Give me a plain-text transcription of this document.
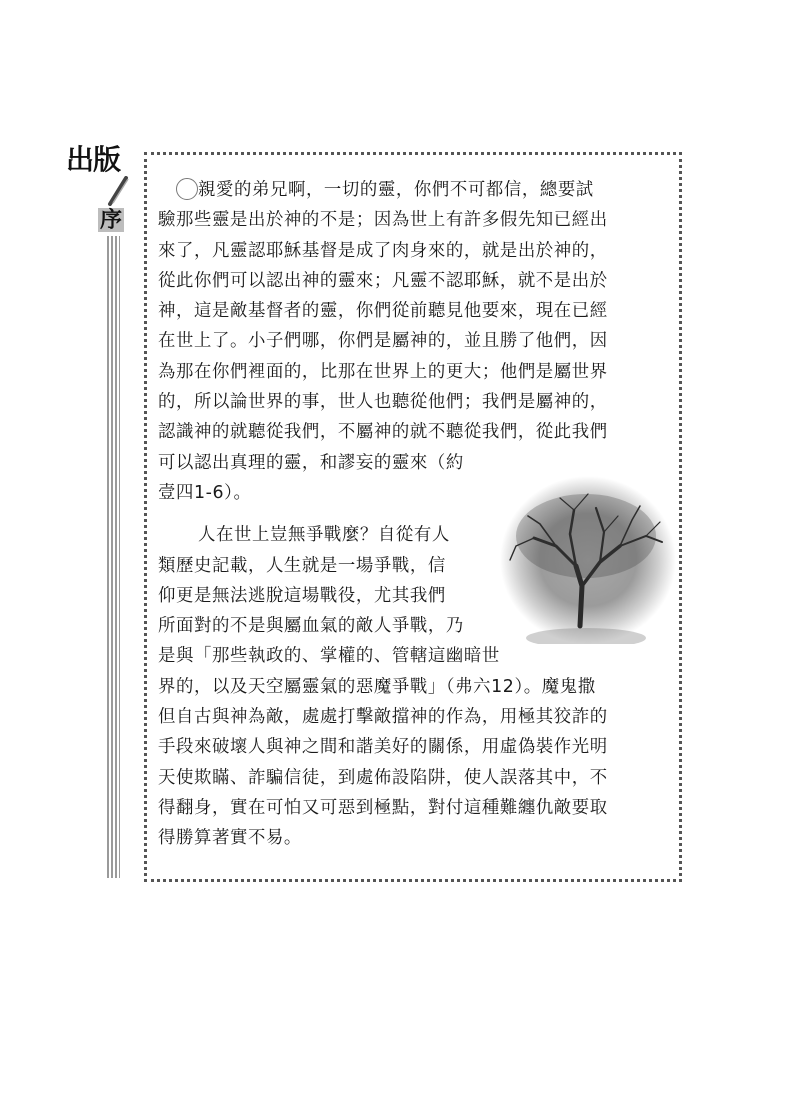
出版
序
親愛的弟兄啊，一切的靈，你們不可都信，總要試
驗那些靈是出於神的不是；因為世上有許多假先知已經出
來了，凡靈認耶穌基督是成了肉身來的，就是出於神的，
從此你們可以認出神的靈來；凡靈不認耶穌，就不是出於
神，這是敵基督者的靈，你們從前聽見他要來，現在已經
在世上了。小子們哪，你們是屬神的，並且勝了他們，因
為那在你們裡面的，比那在世界上的更大；他們是屬世界
的，所以論世界的事，世人也聽從他們；我們是屬神的，
認識神的就聽從我們，不屬神的就不聽從我們，從此我們
可以認出真理的靈，和謬妄的靈來（約
壹四1-6）。
人在世上豈無爭戰麼？自從有人
類歷史記載，人生就是一場爭戰，信
仰更是無法逃脫這場戰役，尤其我們
所面對的不是與屬血氣的敵人爭戰，乃
是與「那些執政的、掌權的、管轄這幽暗世
界的，以及天空屬靈氣的惡魔爭戰」（弗六12）。魔鬼撒
但自古與神為敵，處處打擊敵擋神的作為，用極其狡詐的
手段來破壞人與神之間和諧美好的關係，用虛偽裝作光明
天使欺瞞、詐騙信徒，到處佈設陷阱，使人誤落其中，不
得翻身，實在可怕又可惡到極點，對付這種難纏仇敵要取
得勝算著實不易。
